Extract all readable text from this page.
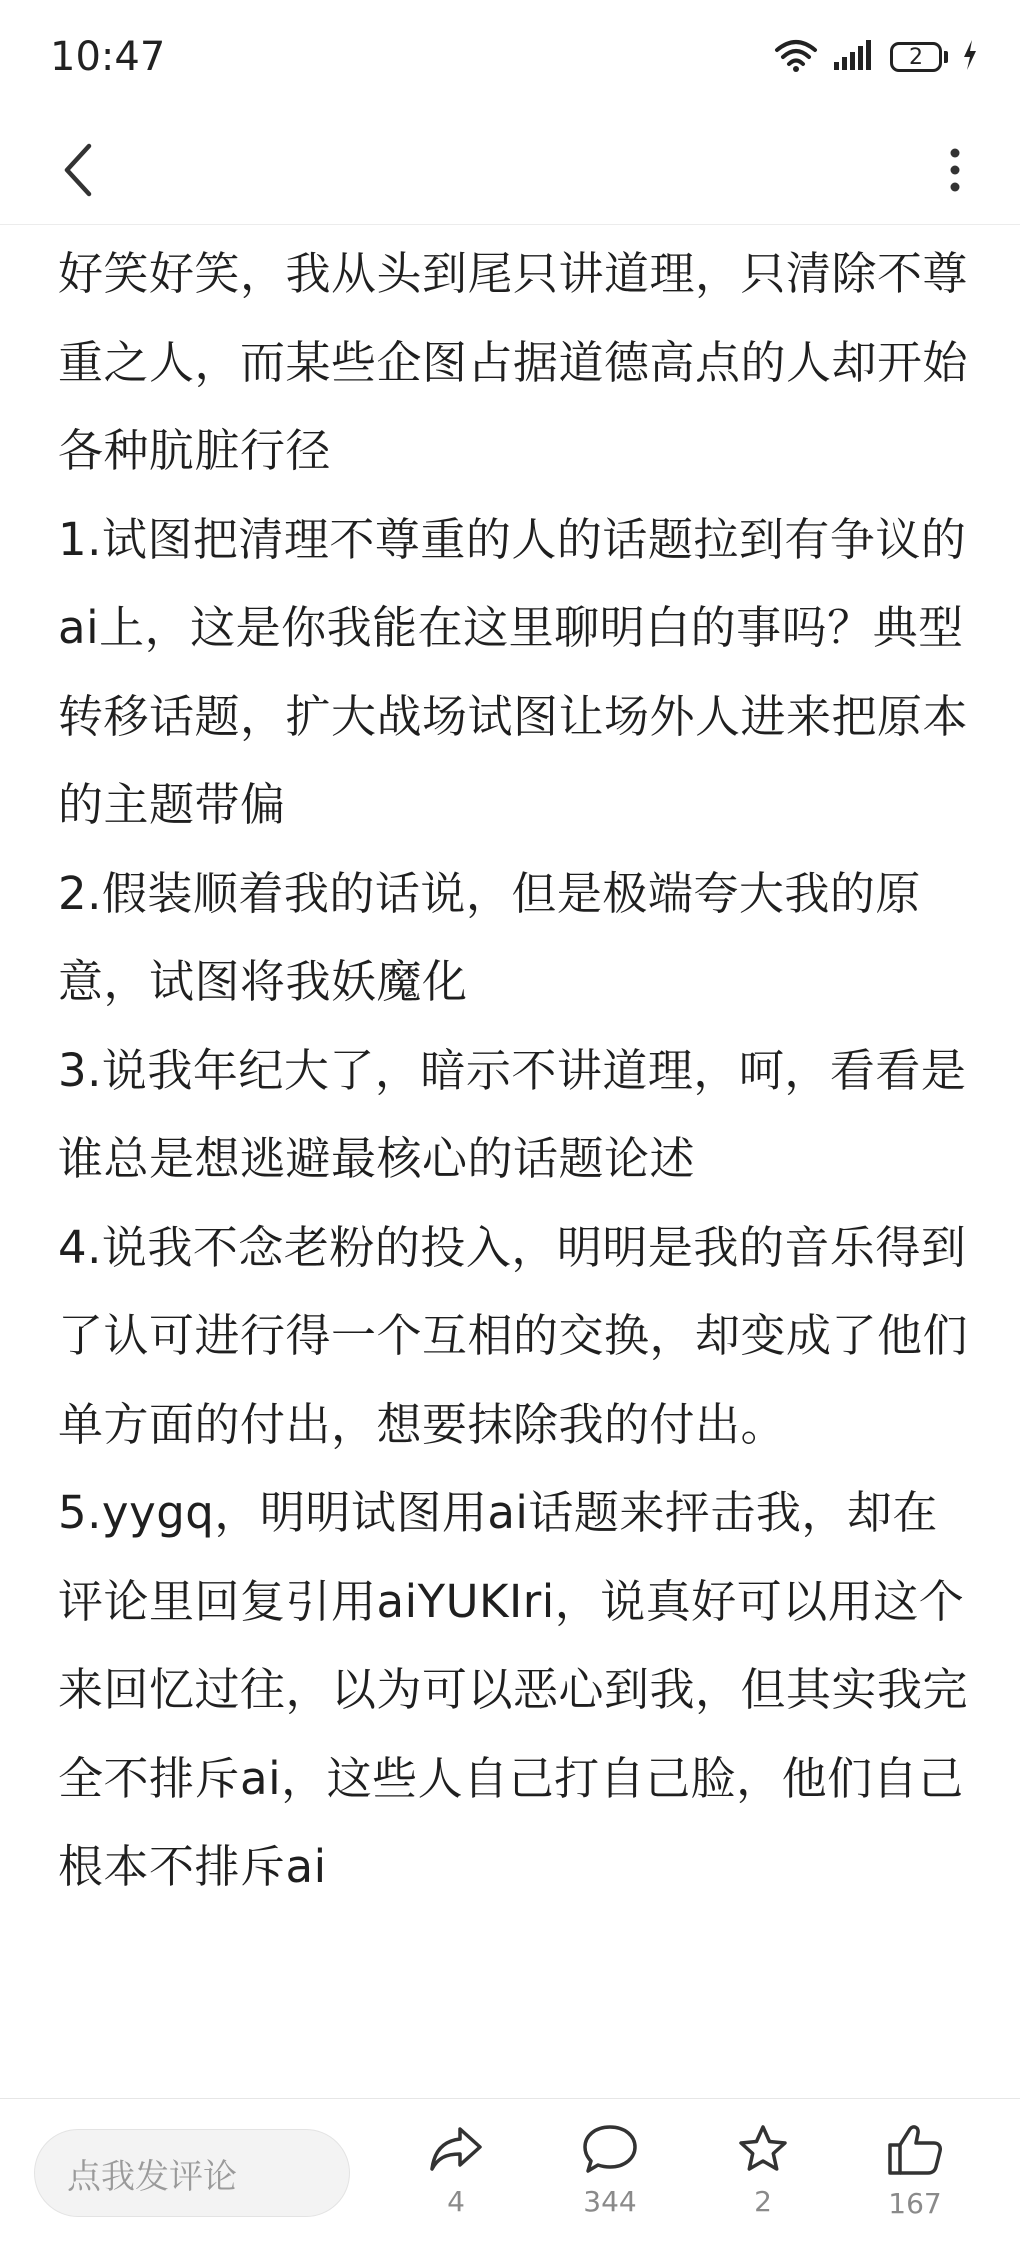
10:47	2

好笑好笑，我从头到尾只讲道理，只清除不尊重之人，而某些企图占据道德高点的人却开始各种肮脏行径

1.试图把清理不尊重的人的话题拉到有争议的ai上，这是你我能在这里聊明白的事吗？典型转移话题，扩大战场试图让场外人进来把原本的主题带偏

2.假装顺着我的话说，但是极端夸大我的原意，试图将我妖魔化

3.说我年纪大了，暗示不讲道理，呵，看看是谁总是想逃避最核心的话题论述

4.说我不念老粉的投入，明明是我的音乐得到了认可进行得一个互相的交换，却变成了他们单方面的付出，想要抹除我的付出。

5.yygq，明明试图用ai话题来抨击我，却在评论里回复引用aiYUKIri，说真好可以用这个来回忆过往，以为可以恶心到我，但其实我完全不排斥ai，这些人自己打自己脸，他们自己根本不排斥ai

点我发评论
4	344	2	167
